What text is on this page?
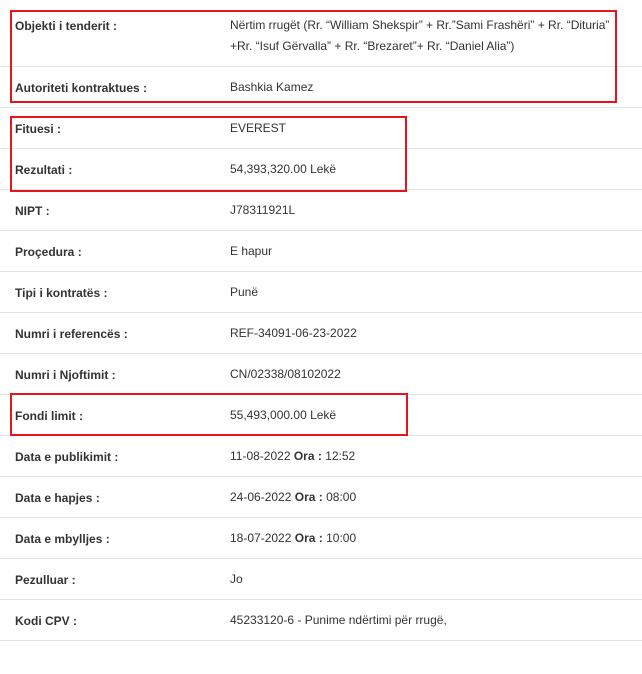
Objekti i tenderit :	Nërtim rrugët (Rr. “William Shekspir” + Rr.”Sami Frashëri” + Rr. “Dituria”
+Rr. “Isuf Gërvalla” + Rr. “Brezaret”+ Rr. “Daniel Alia”)
Autoriteti kontraktues :	Bashkia Kamez
Fituesi :	EVEREST
Rezultati :	54,393,320.00 Lekë
NIPT :	J78311921L
Proçedura :	E hapur
Tipi i kontratës :	Punë
Numri i referencës :	REF-34091-06-23-2022
Numri i Njoftimit :	CN/02338/08102022
Fondi limit :	55,493,000.00 Lekë
Data e publikimit :	11-08-2022 Ora : 12:52
Data e hapjes :	24-06-2022 Ora : 08:00
Data e mbylljes :	18-07-2022 Ora : 10:00
Pezulluar :	Jo
Kodi CPV :	45233120-6 - Punime ndërtimi për rrugë,
